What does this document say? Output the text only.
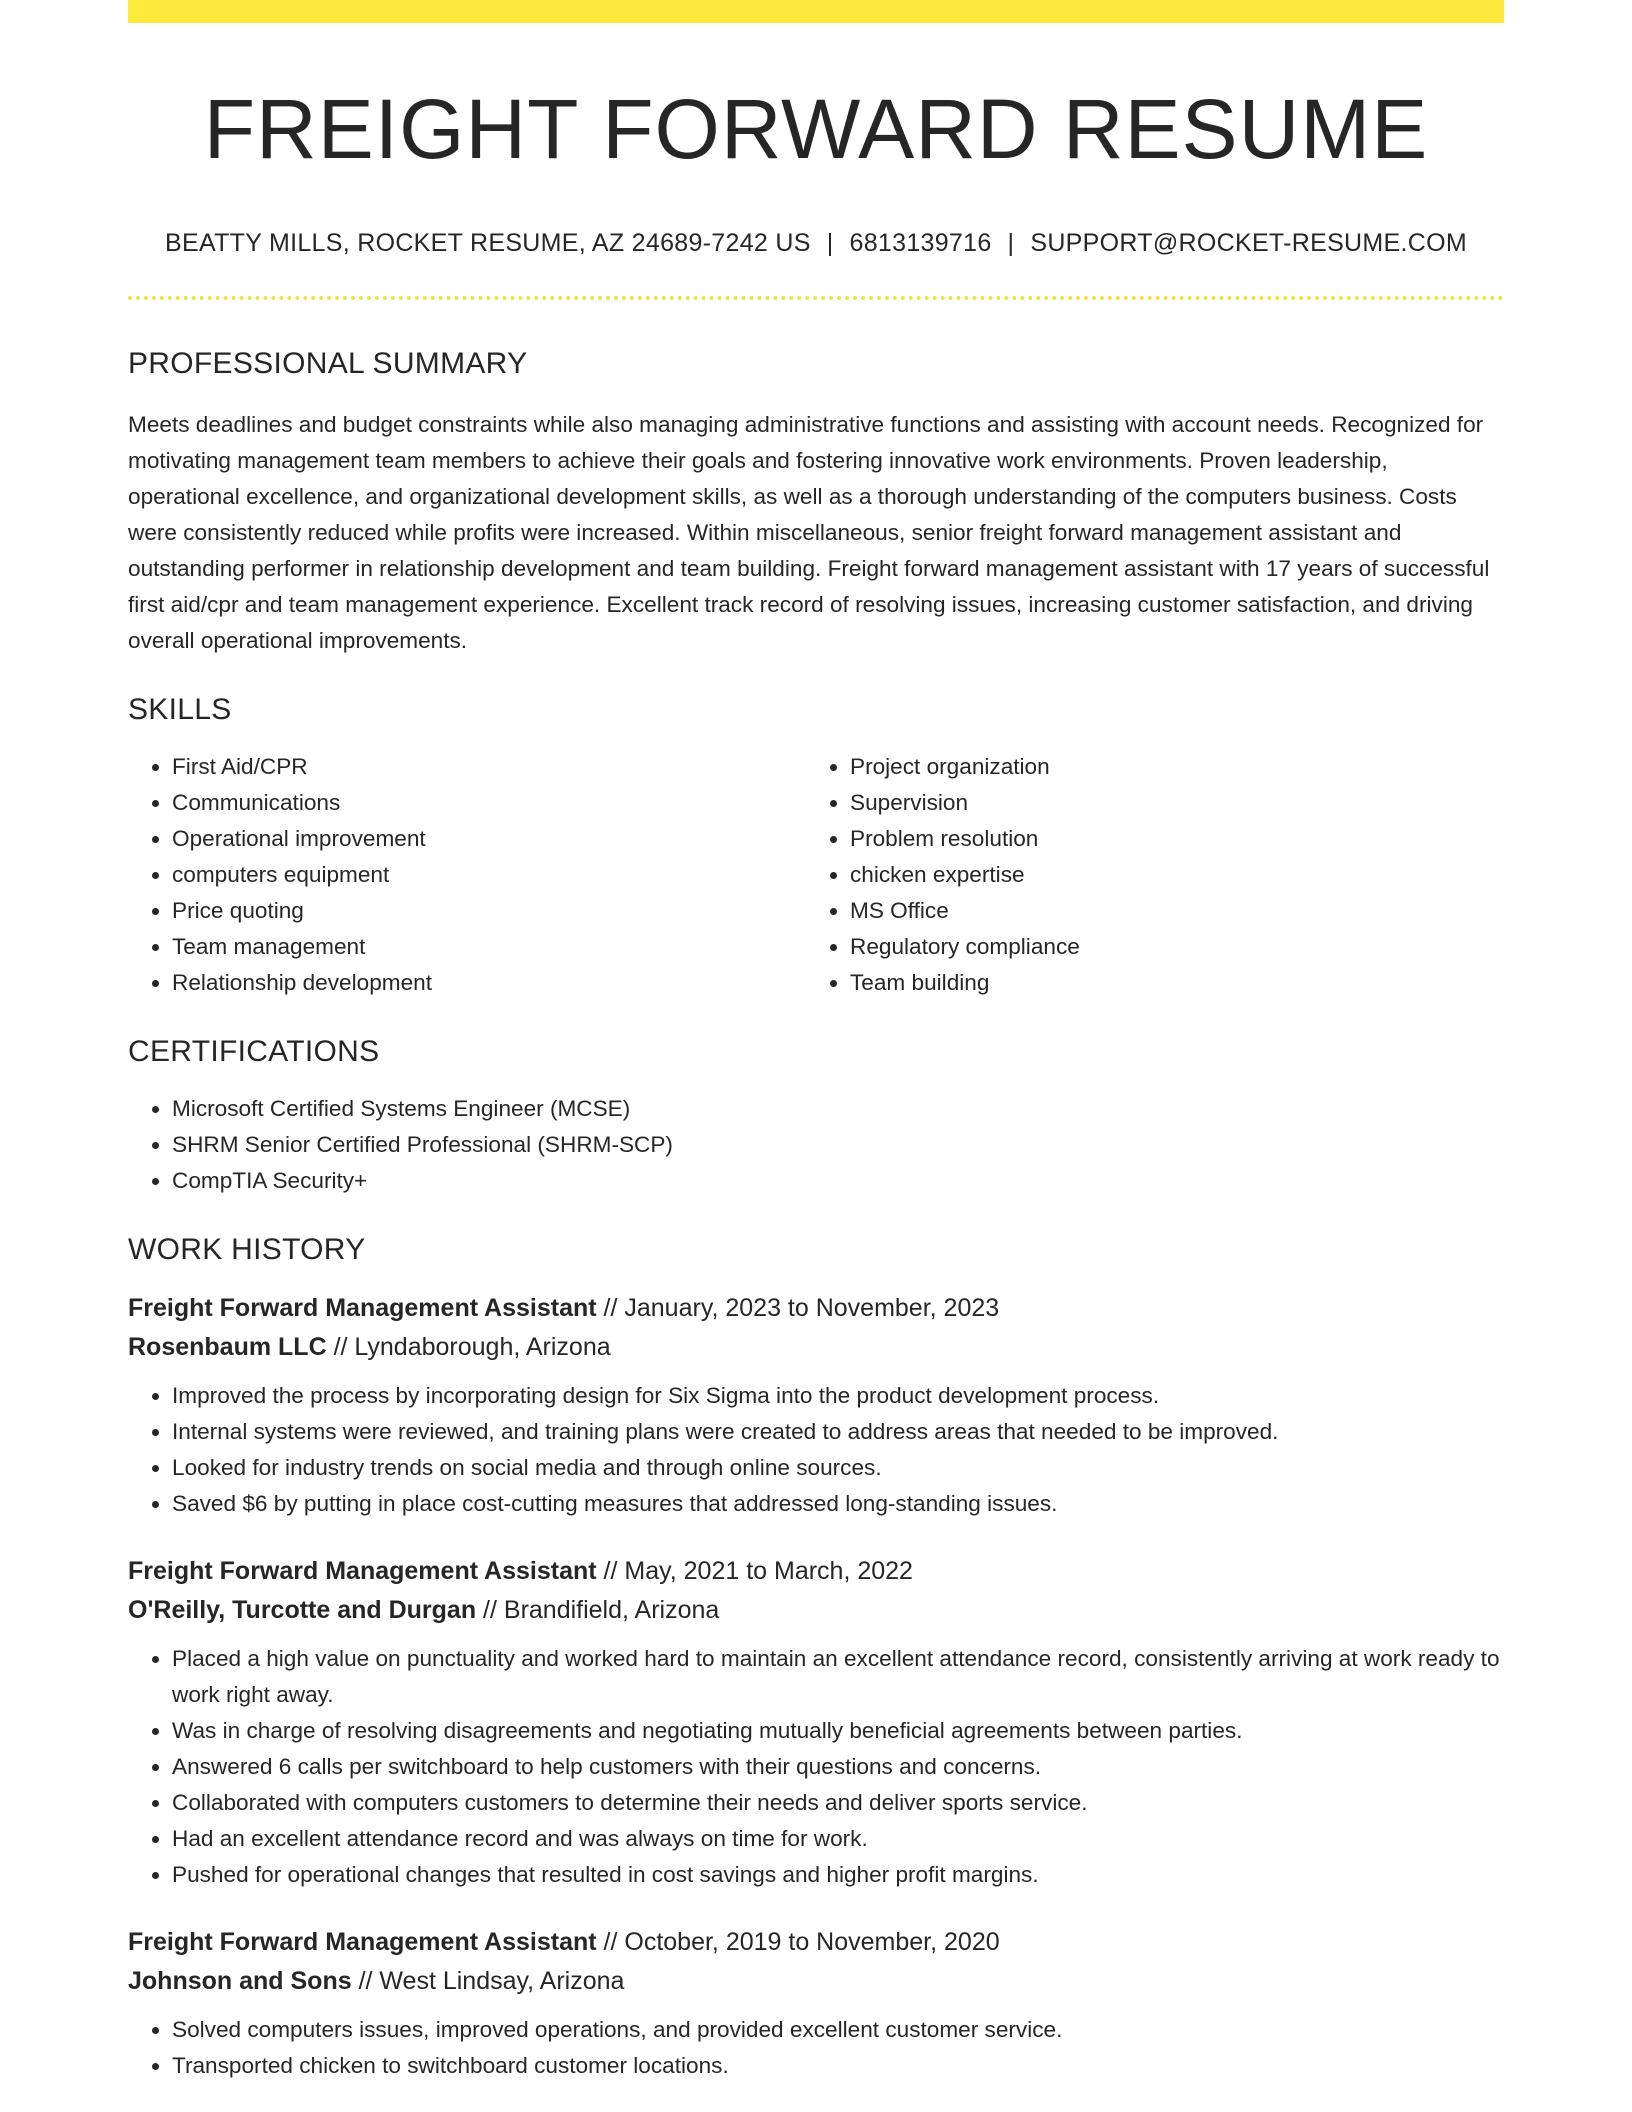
FREIGHT FORWARD RESUME
BEATTY MILLS, ROCKET RESUME, AZ 24689-7242 US | 6813139716 | SUPPORT@ROCKET-RESUME.COM
PROFESSIONAL SUMMARY

Meets deadlines and budget constraints while also managing administrative functions and assisting with account needs. Recognized for motivating management team members to achieve their goals and fostering innovative work environments. Proven leadership, operational excellence, and organizational development skills, as well as a thorough understanding of the computers business. Costs were consistently reduced while profits were increased. Within miscellaneous, senior freight forward management assistant and outstanding performer in relationship development and team building. Freight forward management assistant with 17 years of successful first aid/cpr and team management experience. Excellent track record of resolving issues, increasing customer satisfaction, and driving overall operational improvements.

SKILLS
• First Aid/CPR
• Communications
• Operational improvement
• computers equipment
• Price quoting
• Team management
• Relationship development
• Project organization
• Supervision
• Problem resolution
• chicken expertise
• MS Office
• Regulatory compliance
• Team building
CERTIFICATIONS
• Microsoft Certified Systems Engineer (MCSE)
• SHRM Senior Certified Professional (SHRM-SCP)
• CompTIA Security+
WORK HISTORY
Freight Forward Management Assistant // January, 2023 to November, 2023
Rosenbaum LLC // Lyndaborough, Arizona
• Improved the process by incorporating design for Six Sigma into the product development process.
• Internal systems were reviewed, and training plans were created to address areas that needed to be improved.
• Looked for industry trends on social media and through online sources.
• Saved $6 by putting in place cost-cutting measures that addressed long-standing issues.
Freight Forward Management Assistant // May, 2021 to March, 2022
O'Reilly, Turcotte and Durgan // Brandifield, Arizona
• Placed a high value on punctuality and worked hard to maintain an excellent attendance record, consistently arriving at work ready to work right away.
• Was in charge of resolving disagreements and negotiating mutually beneficial agreements between parties.
• Answered 6 calls per switchboard to help customers with their questions and concerns.
• Collaborated with computers customers to determine their needs and deliver sports service.
• Had an excellent attendance record and was always on time for work.
• Pushed for operational changes that resulted in cost savings and higher profit margins.
Freight Forward Management Assistant // October, 2019 to November, 2020
Johnson and Sons // West Lindsay, Arizona
• Solved computers issues, improved operations, and provided excellent customer service.
• Transported chicken to switchboard customer locations.
